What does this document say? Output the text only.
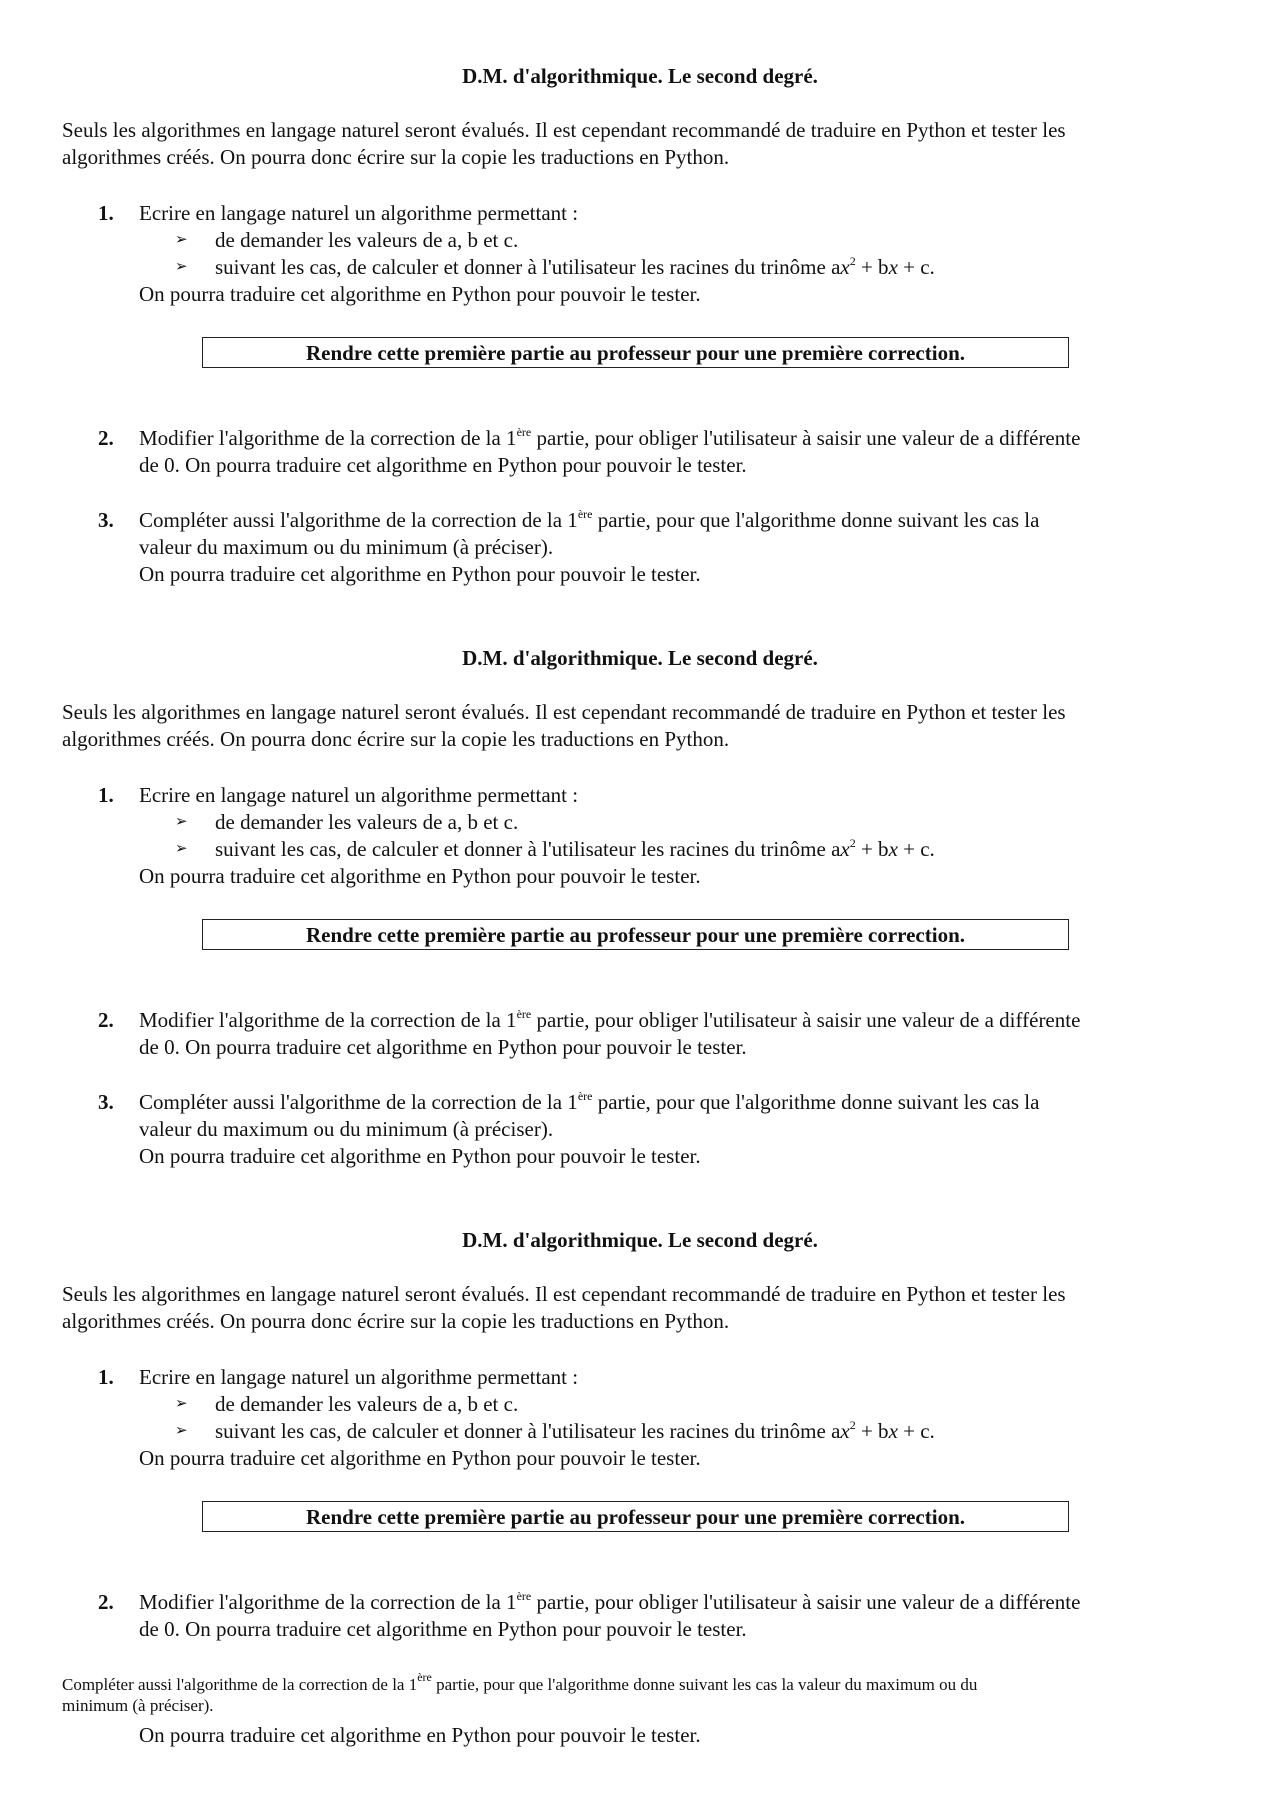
D.M. d'algorithmique. Le second degré.

Seuls les algorithmes en langage naturel seront évalués. Il est cependant recommandé de traduire en Python et tester les

algorithmes créés. On pourra donc écrire sur la copie les traductions en Python.

1. Ecrire en langage naturel un algorithme permettant :

➢ de demander les valeurs de a, b et c.

➢ suivant les cas, de calculer et donner à l'utilisateur les racines du trinôme $ax^2$ + bx + c.

On pourra traduire cet algorithme en Python pour pouvoir le tester.

Rendre cette première partie au professeur pour une première correction.
2. Modifier l'algorithme de la correction de la 1ère partie, pour obliger l'utilisateur à saisir une valeur de a différente

de 0. On pourra traduire cet algorithme en Python pour pouvoir le tester.

3. Compléter aussi l'algorithme de la correction de la 1ère partie, pour que l'algorithme donne suivant les cas la

valeur du maximum ou du minimum (à préciser).

On pourra traduire cet algorithme en Python pour pouvoir le tester.

D.M. d'algorithmique. Le second degré.

Seuls les algorithmes en langage naturel seront évalués. Il est cependant recommandé de traduire en Python et tester les

algorithmes créés. On pourra donc écrire sur la copie les traductions en Python.

1. Ecrire en langage naturel un algorithme permettant :

➢ de demander les valeurs de a, b et c.

➢ suivant les cas, de calculer et donner à l'utilisateur les racines du trinôme $ax^2$ + bx + c.

On pourra traduire cet algorithme en Python pour pouvoir le tester.

Rendre cette première partie au professeur pour une première correction.
2. Modifier l'algorithme de la correction de la 1ère partie, pour obliger l'utilisateur à saisir une valeur de a différente

de 0. On pourra traduire cet algorithme en Python pour pouvoir le tester.

3. Compléter aussi l'algorithme de la correction de la 1ère partie, pour que l'algorithme donne suivant les cas la

valeur du maximum ou du minimum (à préciser).

On pourra traduire cet algorithme en Python pour pouvoir le tester.

D.M. d'algorithmique. Le second degré.

Seuls les algorithmes en langage naturel seront évalués. Il est cependant recommandé de traduire en Python et tester les

algorithmes créés. On pourra donc écrire sur la copie les traductions en Python.

1. Ecrire en langage naturel un algorithme permettant :

➢ de demander les valeurs de a, b et c.

➢ suivant les cas, de calculer et donner à l'utilisateur les racines du trinôme $ax^2$ + bx + c.

On pourra traduire cet algorithme en Python pour pouvoir le tester.

Rendre cette première partie au professeur pour une première correction.
2. Modifier l'algorithme de la correction de la 1ère partie, pour obliger l'utilisateur à saisir une valeur de a différente

de 0. On pourra traduire cet algorithme en Python pour pouvoir le tester.

Compléter aussi l'algorithme de la correction de la 1ère partie, pour que l'algorithme donne suivant les cas la valeur du maximum ou du

minimum (à préciser).

On pourra traduire cet algorithme en Python pour pouvoir le tester.
